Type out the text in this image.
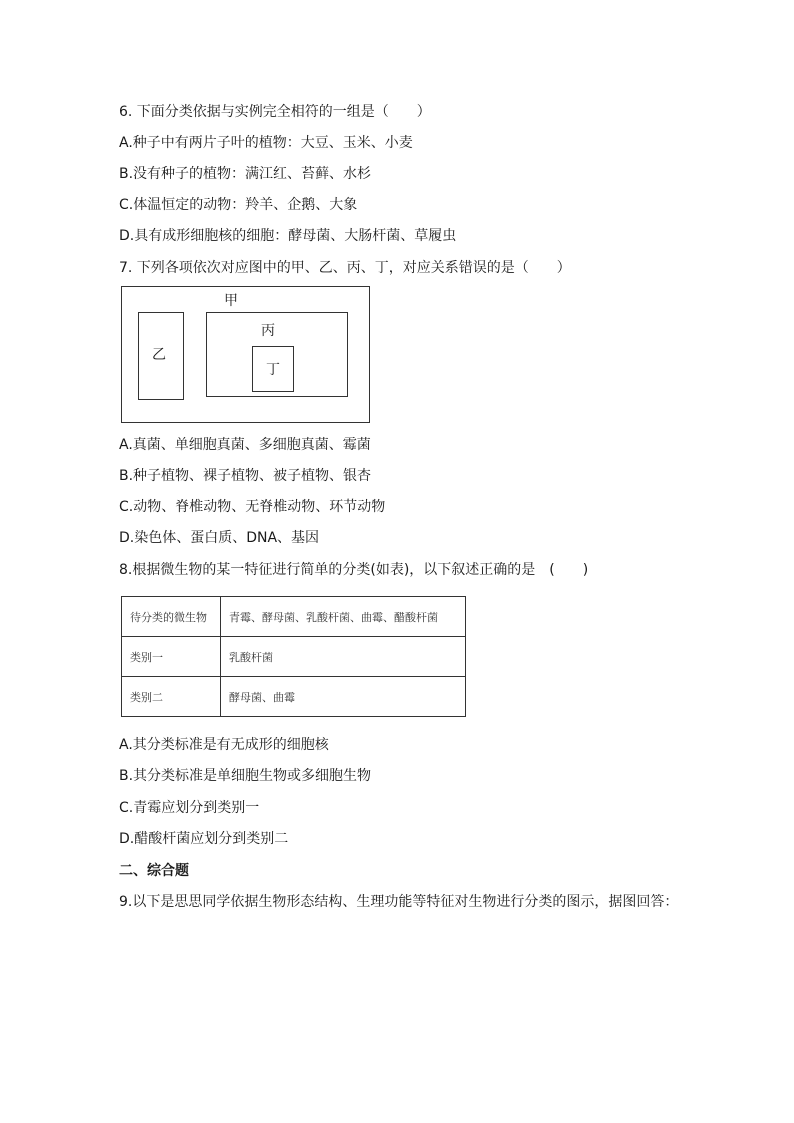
6. 下面分类依据与实例完全相符的一组是（　　）
A.种子中有两片子叶的植物：大豆、玉米、小麦
B.没有种子的植物：满江红、苔藓、水杉
C.体温恒定的动物：羚羊、企鹅、大象
D.具有成形细胞核的细胞：酵母菌、大肠杆菌、草履虫
7. 下列各项依次对应图中的甲、乙、丙、丁，对应关系错误的是（　　）
甲
乙
丙
丁
A.真菌、单细胞真菌、多细胞真菌、霉菌
B.种子植物、裸子植物、被子植物、银杏
C.动物、脊椎动物、无脊椎动物、环节动物
D.染色体、蛋白质、DNA、基因
8.根据微生物的某一特征进行简单的分类(如表)，以下叙述正确的是　(　　)
待分类的微生物	青霉、酵母菌、乳酸杆菌、曲霉、醋酸杆菌
类别一	乳酸杆菌
类别二	酵母菌、曲霉
A.其分类标准是有无成形的细胞核
B.其分类标准是单细胞生物或多细胞生物
C.青霉应划分到类别一
D.醋酸杆菌应划分到类别二
二、综合题
9.以下是思思同学依据生物形态结构、生理功能等特征对生物进行分类的图示，据图回答：
